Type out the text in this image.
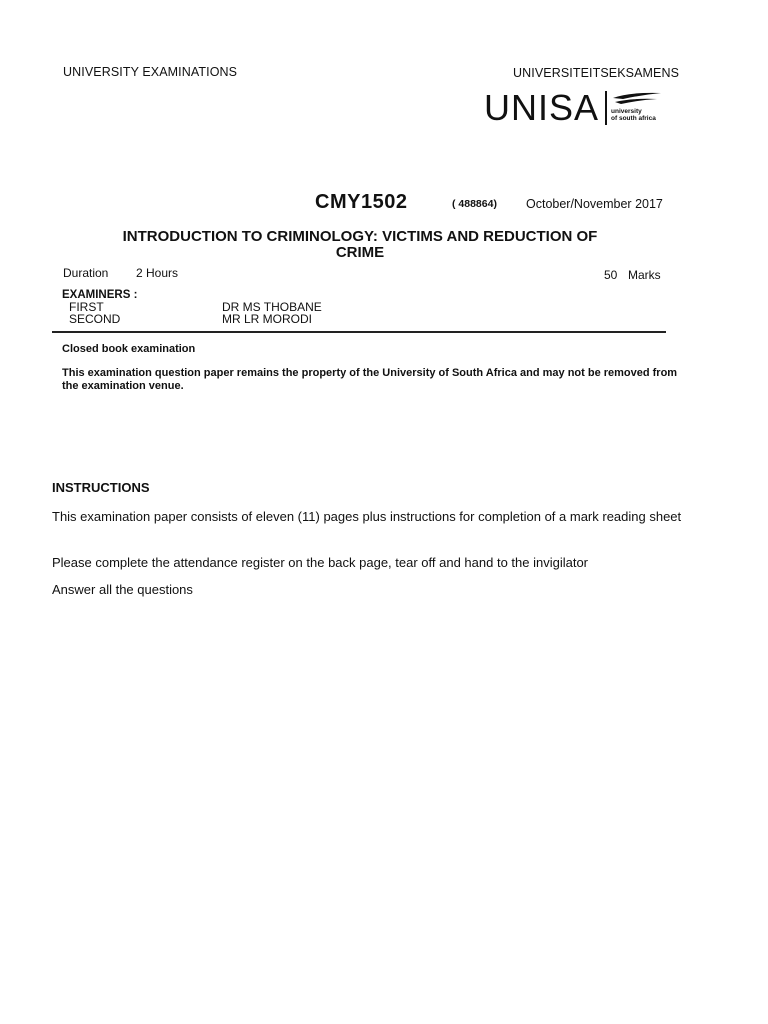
UNIVERSITY EXAMINATIONS	UNIVERSITEITSEKSAMENS
UNISA university
of south africa
CMY1502	( 488864) October/November 2017
INTRODUCTION TO CRIMINOLOGY: VICTIMS AND REDUCTION OF
CRIME
Duration 2 Hours	50 Marks
EXAMINERS :
FIRST	DR MS THOBANE
SECOND	MR LR MORODI
Closed book examination
This examination question paper remains the property of the University of South Africa and may not be removed from the examination venue.
INSTRUCTIONS
This examination paper consists of eleven (11) pages plus instructions for completion of a mark reading sheet
Please complete the attendance register on the back page, tear off and hand to the invigilator
Answer all the questions
